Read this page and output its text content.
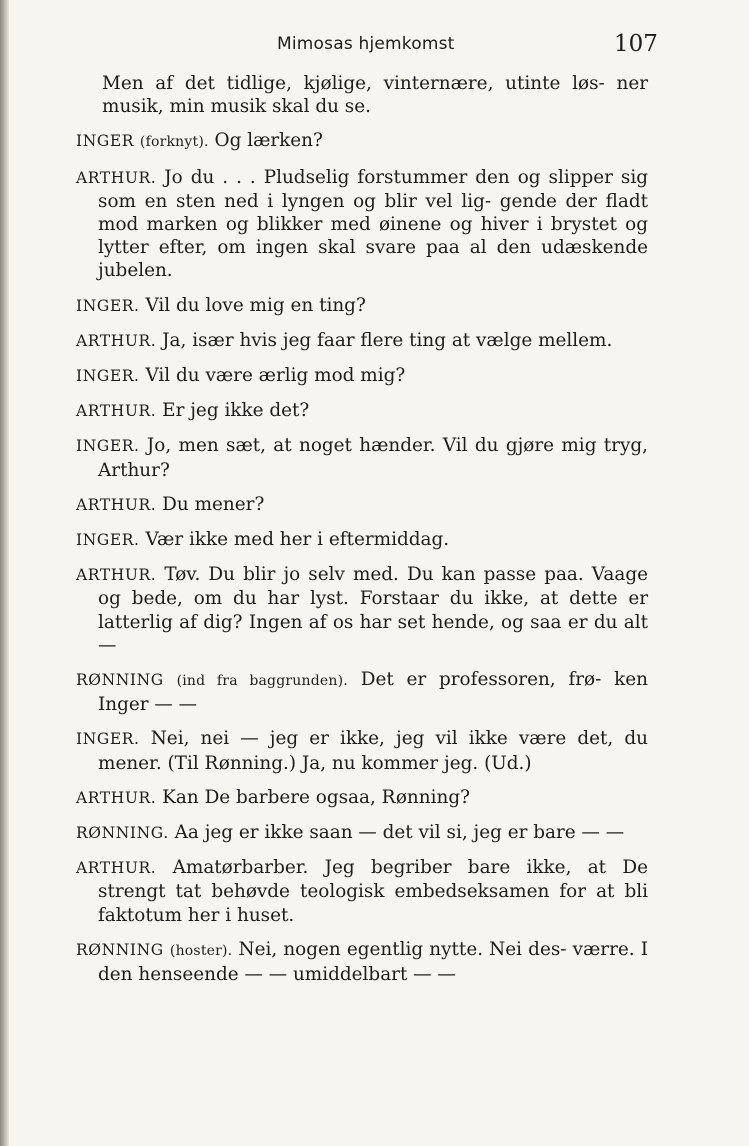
Mimosas hjemkomst	107

Men af det tidlige, kjølige, vinternære, utinte løs- ner musik, min musik skal du se.

INGER (forknyt). Og lærken?

ARTHUR. Jo du . . . Pludselig forstummer den og slipper sig som en sten ned i lyngen og blir vel lig- gende der fladt mod marken og blikker med øinene og hiver i brystet og lytter efter, om ingen skal svare paa al den udæskende jubelen.

INGER. Vil du love mig en ting?

ARTHUR. Ja, især hvis jeg faar flere ting at vælge mellem.

INGER. Vil du være ærlig mod mig?

ARTHUR. Er jeg ikke det?

INGER. Jo, men sæt, at noget hænder. Vil du gjøre mig tryg, Arthur?

ARTHUR. Du mener?

INGER. Vær ikke med her i eftermiddag.

ARTHUR. Tøv. Du blir jo selv med. Du kan passe paa. Vaage og bede, om du har lyst. Forstaar du ikke, at dette er latterlig af dig? Ingen af os har set hende, og saa er du alt —

RØNNING (ind fra baggrunden). Det er professoren, frø- ken Inger — —

INGER. Nei, nei — jeg er ikke, jeg vil ikke være det, du mener. (Til Rønning.) Ja, nu kommer jeg. (Ud.)

ARTHUR. Kan De barbere ogsaa, Rønning?

RØNNING. Aa jeg er ikke saan — det vil si, jeg er bare — —

ARTHUR. Amatørbarber. Jeg begriber bare ikke, at De strengt tat behøvde teologisk embedseksamen for at bli faktotum her i huset.

RØNNING (hoster). Nei, nogen egentlig nytte. Nei des- værre. I den henseende — — umiddelbart — —
